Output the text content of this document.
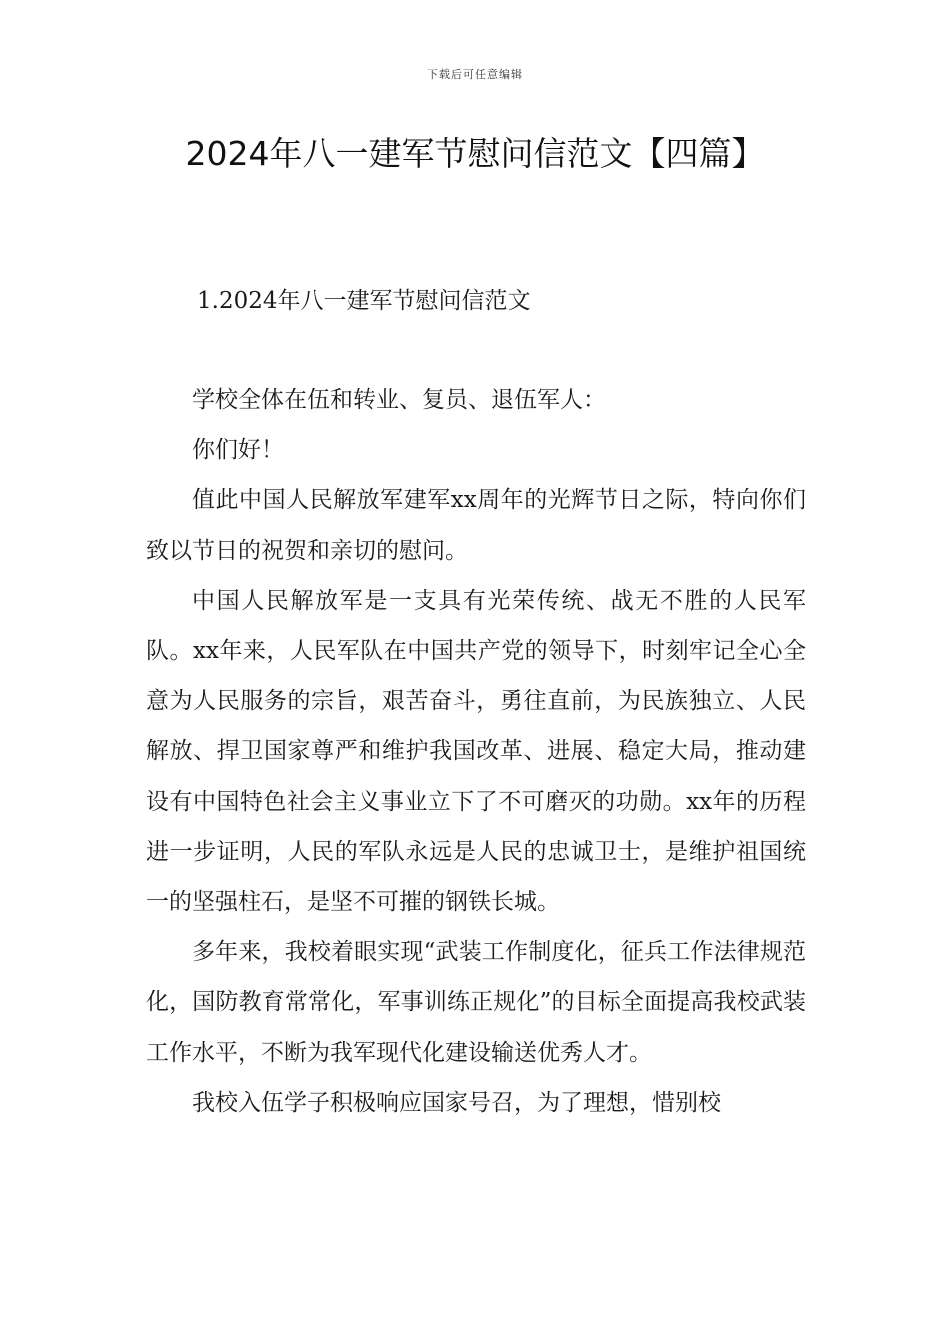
下载后可任意编辑
2024年八一建军节慰问信范文【四篇】
1.2024年八一建军节慰问信范文

学校全体在伍和转业、复员、退伍军人：

你们好！

值此中国人民解放军建军xx周年的光辉节日之际，特向你们致以节日的祝贺和亲切的慰问。

中国人民解放军是一支具有光荣传统、战无不胜的人民军队。xx年来，人民军队在中国共产党的领导下，时刻牢记全心全意为人民服务的宗旨，艰苦奋斗，勇往直前，为民族独立、人民解放、捍卫国家尊严和维护我国改革、进展、稳定大局，推动建设有中国特色社会主义事业立下了不可磨灭的功勋。xx年的历程进一步证明，人民的军队永远是人民的忠诚卫士，是维护祖国统一的坚强柱石，是坚不可摧的钢铁长城。

多年来，我校着眼实现“武装工作制度化，征兵工作法律规范化，国防教育常常化，军事训练正规化”的目标全面提高我校武装工作水平，不断为我军现代化建设输送优秀人才。

我校入伍学子积极响应国家号召，为了理想，惜别校
